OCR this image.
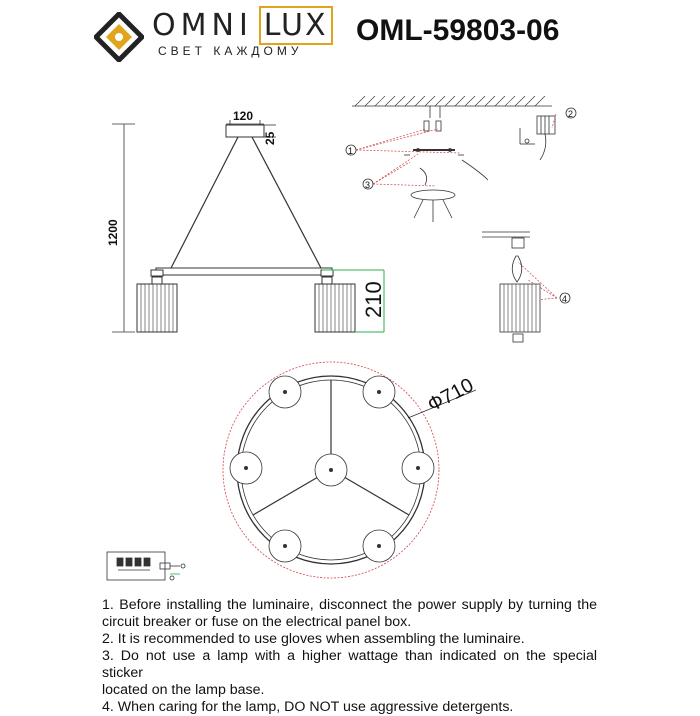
OMNI LUX
СВЕТ КАЖДОМУ
OML-59803-06
120
25
1200
210
1
2
3
4
Ф710

1. Before installing the luminaire, disconnect the power supply by turning the

circuit breaker or fuse on the electrical panel box.

2. It is recommended to use gloves when assembling the luminaire.

3. Do not use a lamp with a higher wattage than indicated on the special sticker

located on the lamp base.

4. When caring for the lamp, DO NOT use aggressive detergents.
